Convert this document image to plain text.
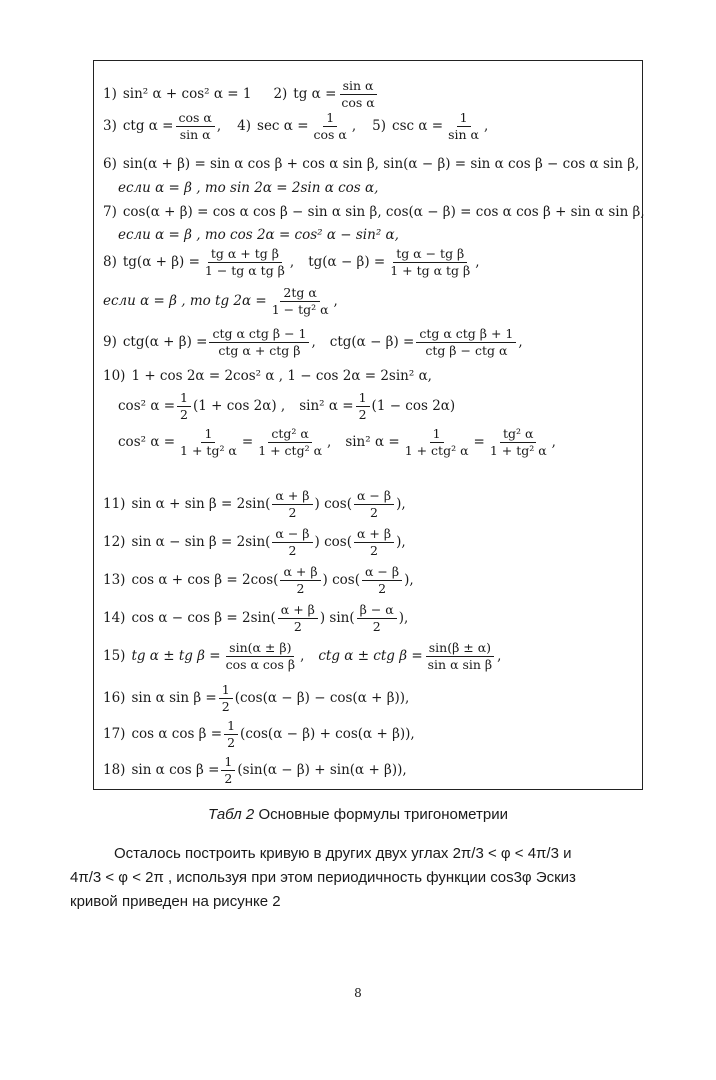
1) sin² α + cos² α = 1 2) tg $\alpha = \frac{\text{sin α}}{\text{cos α}}$
3) ctg $\alpha = \frac{\text{cos α}}{\text{sin α}}$ , 4) $\sec \alpha = \frac{1}{\text{cos α}}$ , 5) $\csc \alpha = \frac{1}{\text{sin α}}$ ,
6) sin(α + β) = sin α cos β + cos α sin β, sin(α − β) = sin α cos β − cos α sin β,
если α = β , то sin 2α = 2sin α cos α,
7) cos(α + β) = cos α cos β − sin α sin β, cos(α − β) = cos α cos β + sin α sin β,
если α = β , то cos 2α = cos² α − sin² α,
8) $tg(\alpha + \beta) = \frac{\text{tg α + tg β}}{\text{1 − tg α tg β}}$ , $tg(\alpha - \beta) = \frac{\text{tg α − tg β}}{\text{1 + tg α tg β}}$ ,
если α = β , то tg $2\alpha = \frac{\text{2tg α}}{\text{1 − tg² α}}$ ,
9) $ctg(\alpha + \beta) = \frac{\text{ctg α ctg β − 1}}{\text{ctg α + ctg β}}$ , $ctg(\alpha - \beta) = \frac{\text{ctg α ctg β + 1}}{\text{ctg β − ctg α}}$ ,
10) 1 + cos 2α = 2cos² α , 1 − cos 2α = 2sin² α,
cos² $\alpha = \frac{1}{2} (1 + \cos 2\alpha)$ , sin² $\alpha = \frac{1}{2} (1 - \cos 2\alpha)$
cos² $\alpha = \frac{1}{\text{1 + tg² α}} = \frac{\text{ctg² α}}{\text{1 + ctg² α}}$ , sin² $\alpha = \frac{1}{\text{1 + ctg² α}} = \frac{\text{tg² α}}{\text{1 + tg² α}}$ ,
11) $\sin \alpha + \sin \beta = 2\sin( \frac{\alpha + \beta}{2}$ ) $\cos( \frac{\alpha - \beta}{2}$ ),
12) $\sin \alpha - \sin \beta = 2\sin( \frac{\alpha - \beta}{2}$ ) $\cos( \frac{\alpha + \beta}{2}$ ),
13) $\cos \alpha + \cos \beta = 2\cos( \frac{\alpha + \beta}{2}$ ) $\cos( \frac{\alpha - \beta}{2}$ ),
14) $\cos \alpha - \cos \beta = 2\sin( \frac{\alpha + \beta}{2}$ ) $\sin( \frac{\beta - \alpha}{2}$ ),
15) tg α ± tg $\beta = \frac{\sin(\alpha \pm \beta)}{\text{cos α cos β}}$ , ctg α ± ctg $\beta = \frac{\sin(\beta \pm \alpha)}{\text{sin α sin β}}$ ,
16) sin α $\sin \beta = \frac{1}{2} (\cos(\alpha - \beta) - \cos(\alpha + \beta))$,
17) cos α $\cos \beta = \frac{1}{2} (\cos(\alpha - \beta) + \cos(\alpha + \beta))$,
18) sin α $\cos \beta = \frac{1}{2} (\sin(\alpha - \beta) + \sin(\alpha + \beta))$,
Табл 2 Основные формулы тригонометрии
Осталось построить кривую в других двух углах 2π/3 < φ < 4π/3 и
4π/3 < φ < 2π , используя при этом периодичность функции cos3φ Эскиз
кривой приведен на рисунке 2
8
